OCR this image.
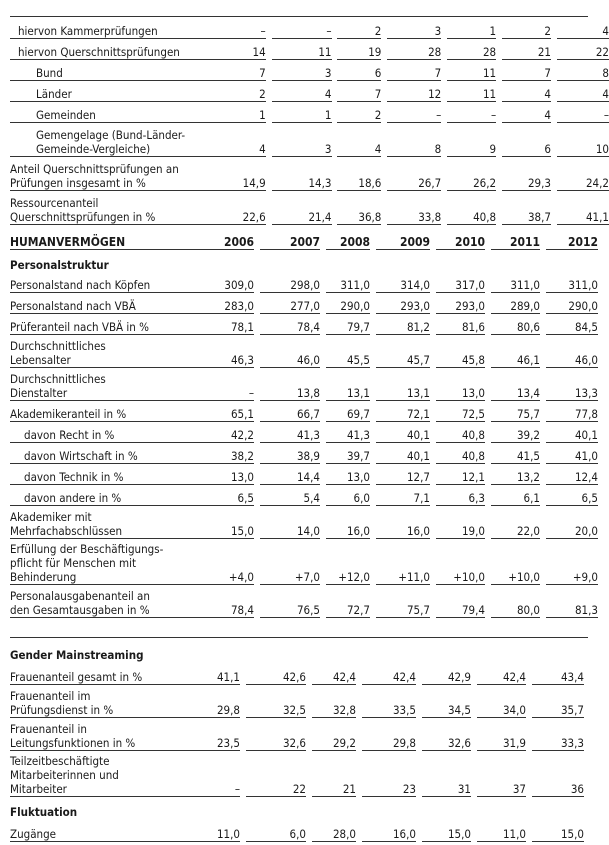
hiervon Kammerprüfungen		–		–		2		3		1		2		4
hiervon Querschnittsprüfungen		14		11		19		28		28		21		22
Bund		7		3		6		7		11		7		8
Länder		2		4		7		12		11		4		4
Gemeinden		1		1		2		–		–		4		–

Gemengelage (Bund-Länder-
Gemeinde-Vergleiche)		4		3		4		8		9		6		10

Anteil Querschnittsprüfungen an
Prüfungen insgesamt in %		14,9		14,3		18,6		26,7		26,2		29,3		24,2

Ressourcenanteil
Querschnittsprüfungen in %		22,6		21,4		36,8		33,8		40,8		38,7		41,1
HUMANVERMÖGEN		2006		2007		2008		2009		2010		2011		2012
Personalstruktur													

Personalstand nach Köpfen		309,0		298,0		311,0		314,0		317,0		311,0		311,0

Personalstand nach VBÄ		283,0		277,0		290,0		293,0		293,0		289,0		290,0

Prüferanteil nach VBÄ in %		78,1		78,4		79,7		81,2		81,6		80,6		84,5

Durchschnittliches
Lebensalter		46,3		46,0		45,5		45,7		45,8		46,1		46,0

Durchschnittliches
Dienstalter		–		13,8		13,1		13,1		13,0		13,4		13,3

Akademikeranteil in %		65,1		66,7		69,7		72,1		72,5		75,7		77,8

davon Recht in %		42,2		41,3		41,3		40,1		40,8		39,2		40,1

davon Wirtschaft in %		38,2		38,9		39,7		40,1		40,8		41,5		41,0

davon Technik in %		13,0		14,4		13,0		12,7		12,1		13,2		12,4

davon andere in %		6,5		5,4		6,0		7,1		6,3		6,1		6,5

Akademiker mit
Mehrfachabschlüssen		15,0		14,0		16,0		16,0		19,0		22,0		20,0

Erfüllung der Beschäftigungs-
pflicht für Menschen mit
Behinderung		+4,0		+7,0		+12,0		+11,0		+10,0		+10,0		+9,0

Personalausgabenanteil an
den Gesamtausgaben in %		78,4		76,5		72,7		75,7		79,4		80,0		81,3
Gender Mainstreaming													

Frauenanteil gesamt in %		41,1		42,6		42,4		42,4		42,9		42,4		43,4

Frauenanteil im
Prüfungsdienst in %		29,8		32,5		32,8		33,5		34,5		34,0		35,7

Frauenanteil in
Leitungsfunktionen in %		23,5		32,6		29,2		29,8		32,6		31,9		33,3

Teilzeitbeschäftigte
Mitarbeiterinnen und
Mitarbeiter		–		22		21		23		31		37		36
Fluktuation													

Zugänge		11,0		6,0		28,0		16,0		15,0		11,0		15,0
